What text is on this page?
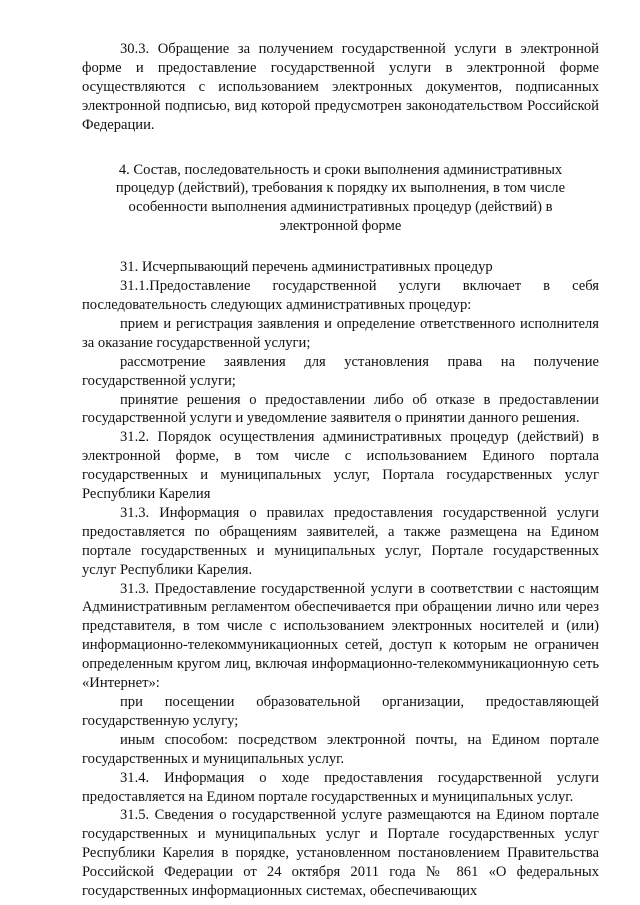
30.3. Обращение за получением государственной услуги в электронной форме и предоставление государственной услуги в электронной форме осуществляются с использованием электронных документов, подписанных электронной подписью, вид которой предусмотрен законодательством Российской Федерации.

4. Состав, последовательность и сроки выполнения административных процедур (действий), требования к порядку их выполнения, в том числе особенности выполнения административных процедур (действий) в электронной форме

31. Исчерпывающий перечень административных процедур

31.1.Предоставление государственной услуги включает в себя последовательность следующих административных процедур:

прием и регистрация заявления и определение ответственного исполнителя за оказание государственной услуги;

рассмотрение заявления для установления права на получение государственной услуги;

принятие решения о предоставлении либо об отказе в предоставлении государственной услуги и уведомление заявителя о принятии данного решения.

31.2. Порядок осуществления административных процедур (действий) в электронной форме, в том числе с использованием Единого портала государственных и муниципальных услуг, Портала государственных услуг Республики Карелия

31.3. Информация о правилах предоставления государственной услуги предоставляется по обращениям заявителей, а также размещена на Едином портале государственных и муниципальных услуг, Портале государственных услуг Республики Карелия.

31.3. Предоставление государственной услуги в соответствии с настоящим Административным регламентом обеспечивается при обращении лично или через представителя, в том числе с использованием электронных носителей и (или) информационно-телекоммуникационных сетей, доступ к которым не ограничен определенным кругом лиц, включая информационно-телекоммуникационную сеть «Интернет»:

при посещении образовательной организации, предоставляющей государственную услугу;

иным способом: посредством электронной почты, на Едином портале государственных и муниципальных услуг.

31.4. Информация о ходе предоставления государственной услуги предоставляется на Едином портале государственных и муниципальных услуг.

31.5. Сведения о государственной услуге размещаются на Едином портале государственных и муниципальных услуг и Портале государственных услуг Республики Карелия в порядке, установленном постановлением Правительства Российской Федерации от 24 октября 2011 года № 861 «О федеральных государственных информационных системах, обеспечивающих
